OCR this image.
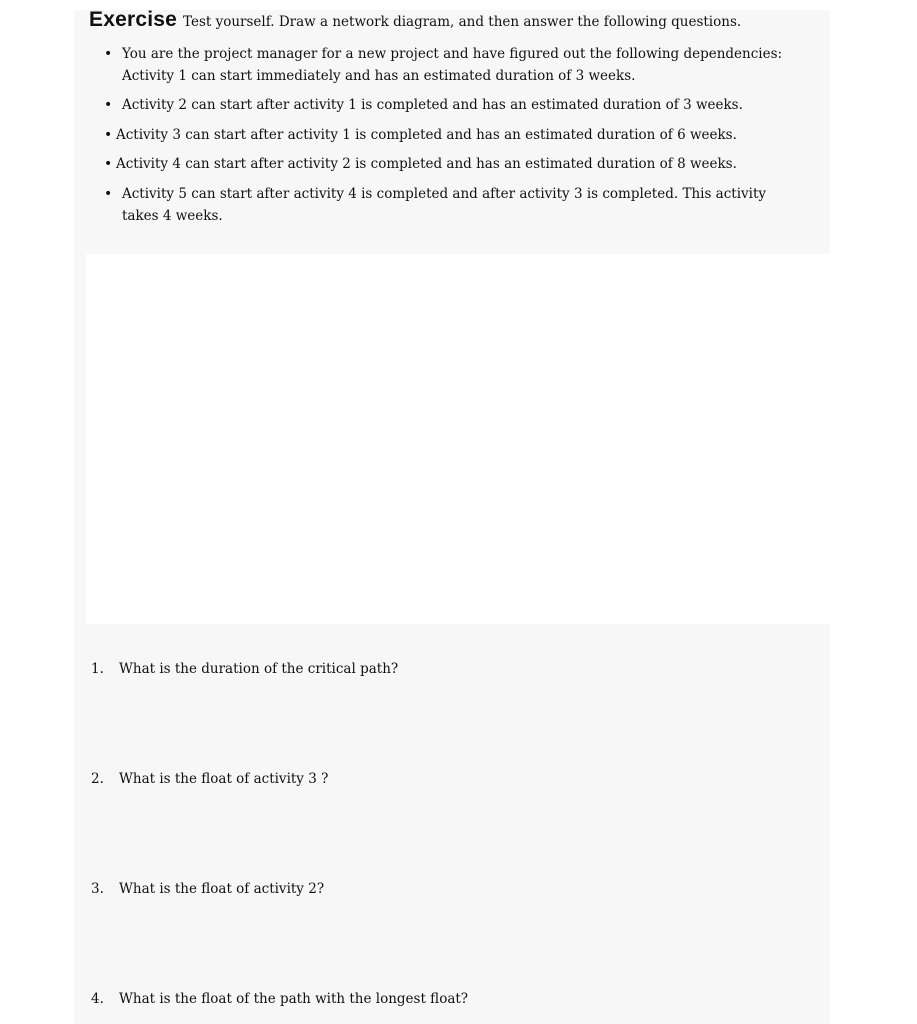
Exercise Test yourself. Draw a network diagram, and then answer the following questions.
• You are the project manager for a new project and have figured out the following dependencies:
Activity 1 can start immediately and has an estimated duration of 3 weeks.
• Activity 2 can start after activity 1 is completed and has an estimated duration of 3 weeks.
• Activity 3 can start after activity 1 is completed and has an estimated duration of 6 weeks.
• Activity 4 can start after activity 2 is completed and has an estimated duration of 8 weeks.
• Activity 5 can start after activity 4 is completed and after activity 3 is completed. This activity
takes 4 weeks.
1. What is the duration of the critical path?
2. What is the float of activity 3 ?
3. What is the float of activity 2?
4. What is the float of the path with the longest float?
